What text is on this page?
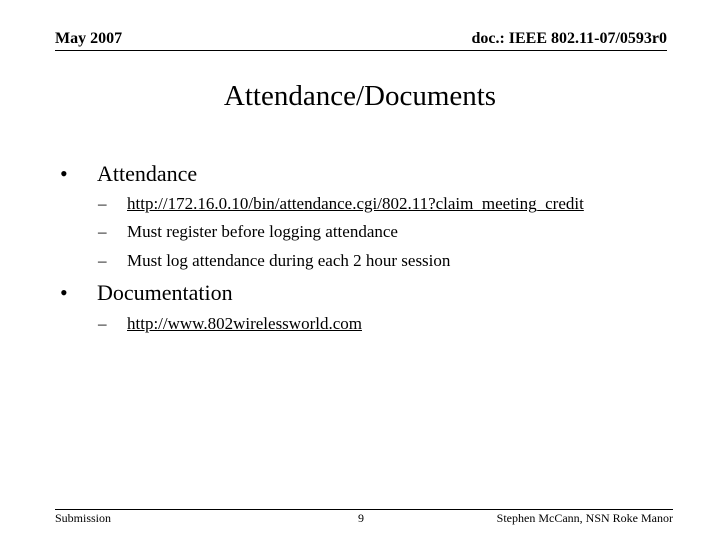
May 2007	doc.: IEEE 802.11-07/0593r0
Attendance/Documents
• Attendance
– http://172.16.0.10/bin/attendance.cgi/802.11?claim_meeting_credit
– Must register before logging attendance
– Must log attendance during each 2 hour session
• Documentation
– http://www.802wirelessworld.com
Submission	9	Stephen McCann, NSN Roke Manor
